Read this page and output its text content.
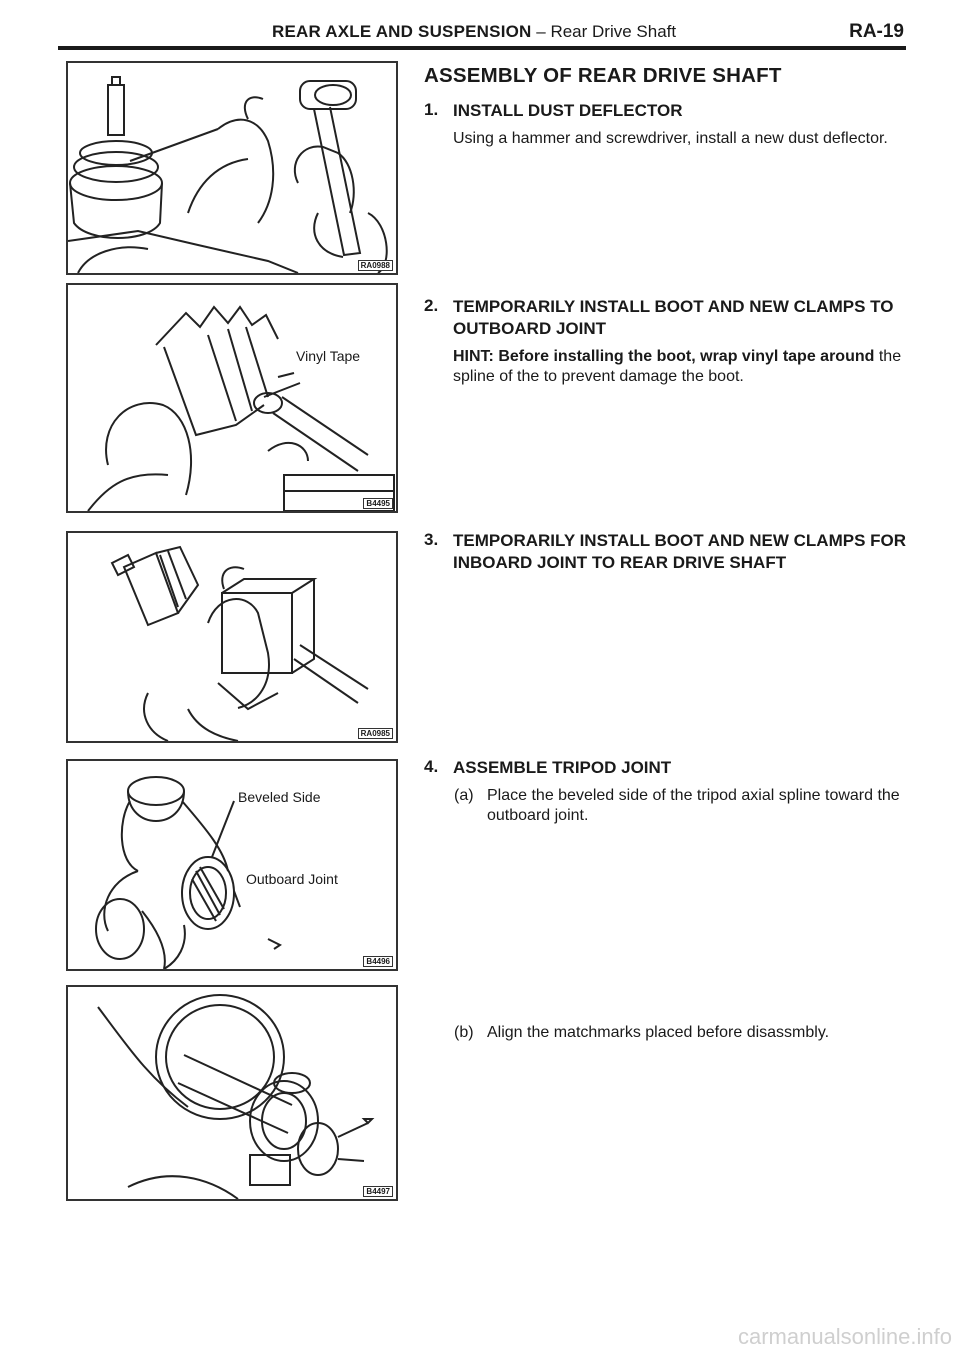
REAR AXLE AND SUSPENSION – Rear Drive Shaft	RA-19
RA0988
Vinyl Tape
B4495
RA0985
Beveled Side
Outboard Joint
B4496
B4497
ASSEMBLY OF REAR DRIVE SHAFT
1. INSTALL DUST DEFLECTOR
Using a hammer and screwdriver, install a new dust deflector.
2. TEMPORARILY INSTALL BOOT AND NEW CLAMPS TO OUTBOARD JOINT
HINT: Before installing the boot, wrap vinyl tape around the spline of the to prevent damage the boot.
3. TEMPORARILY INSTALL BOOT AND NEW CLAMPS FOR INBOARD JOINT TO REAR DRIVE SHAFT
4. ASSEMBLE TRIPOD JOINT
(a) Place the beveled side of the tripod axial spline toward the outboard joint.
(b) Align the matchmarks placed before disassmbly.
carmanualsonline.info
